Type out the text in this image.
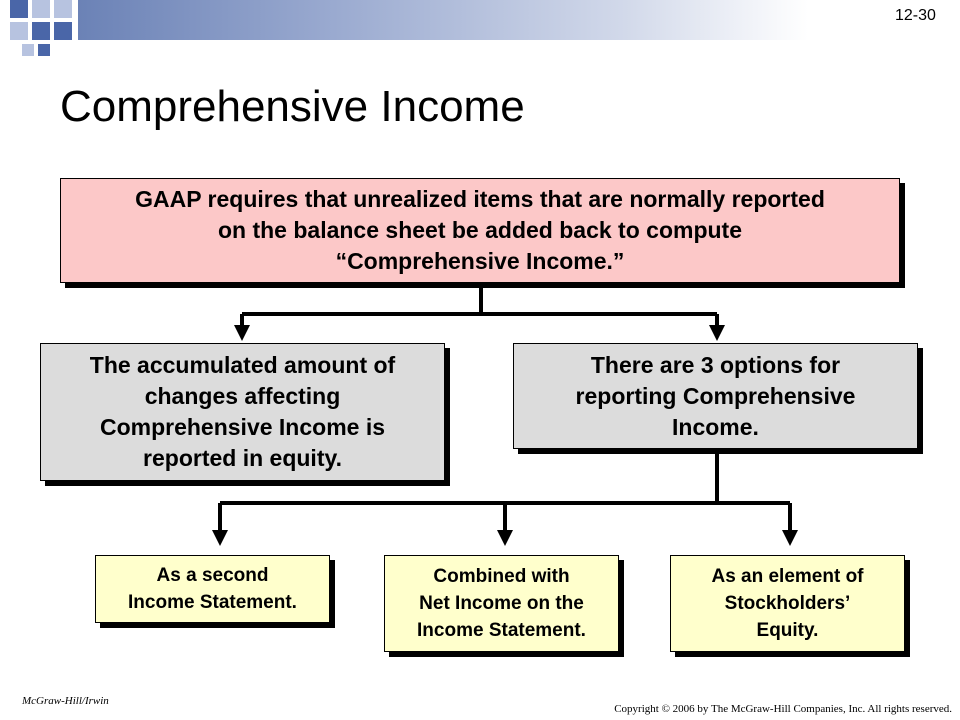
12-30
Comprehensive Income
GAAP requires that unrealized items that are normally reported
on the balance sheet be added back to compute
“Comprehensive Income.”
The accumulated amount of
changes affecting
Comprehensive Income is
reported in equity.
There are 3 options for
reporting Comprehensive
Income.
As a second
Income Statement.
Combined with
Net Income on the
Income Statement.
As an element of
Stockholders’
Equity.
McGraw-Hill/Irwin
Copyright © 2006 by The McGraw-Hill Companies, Inc. All rights reserved.
